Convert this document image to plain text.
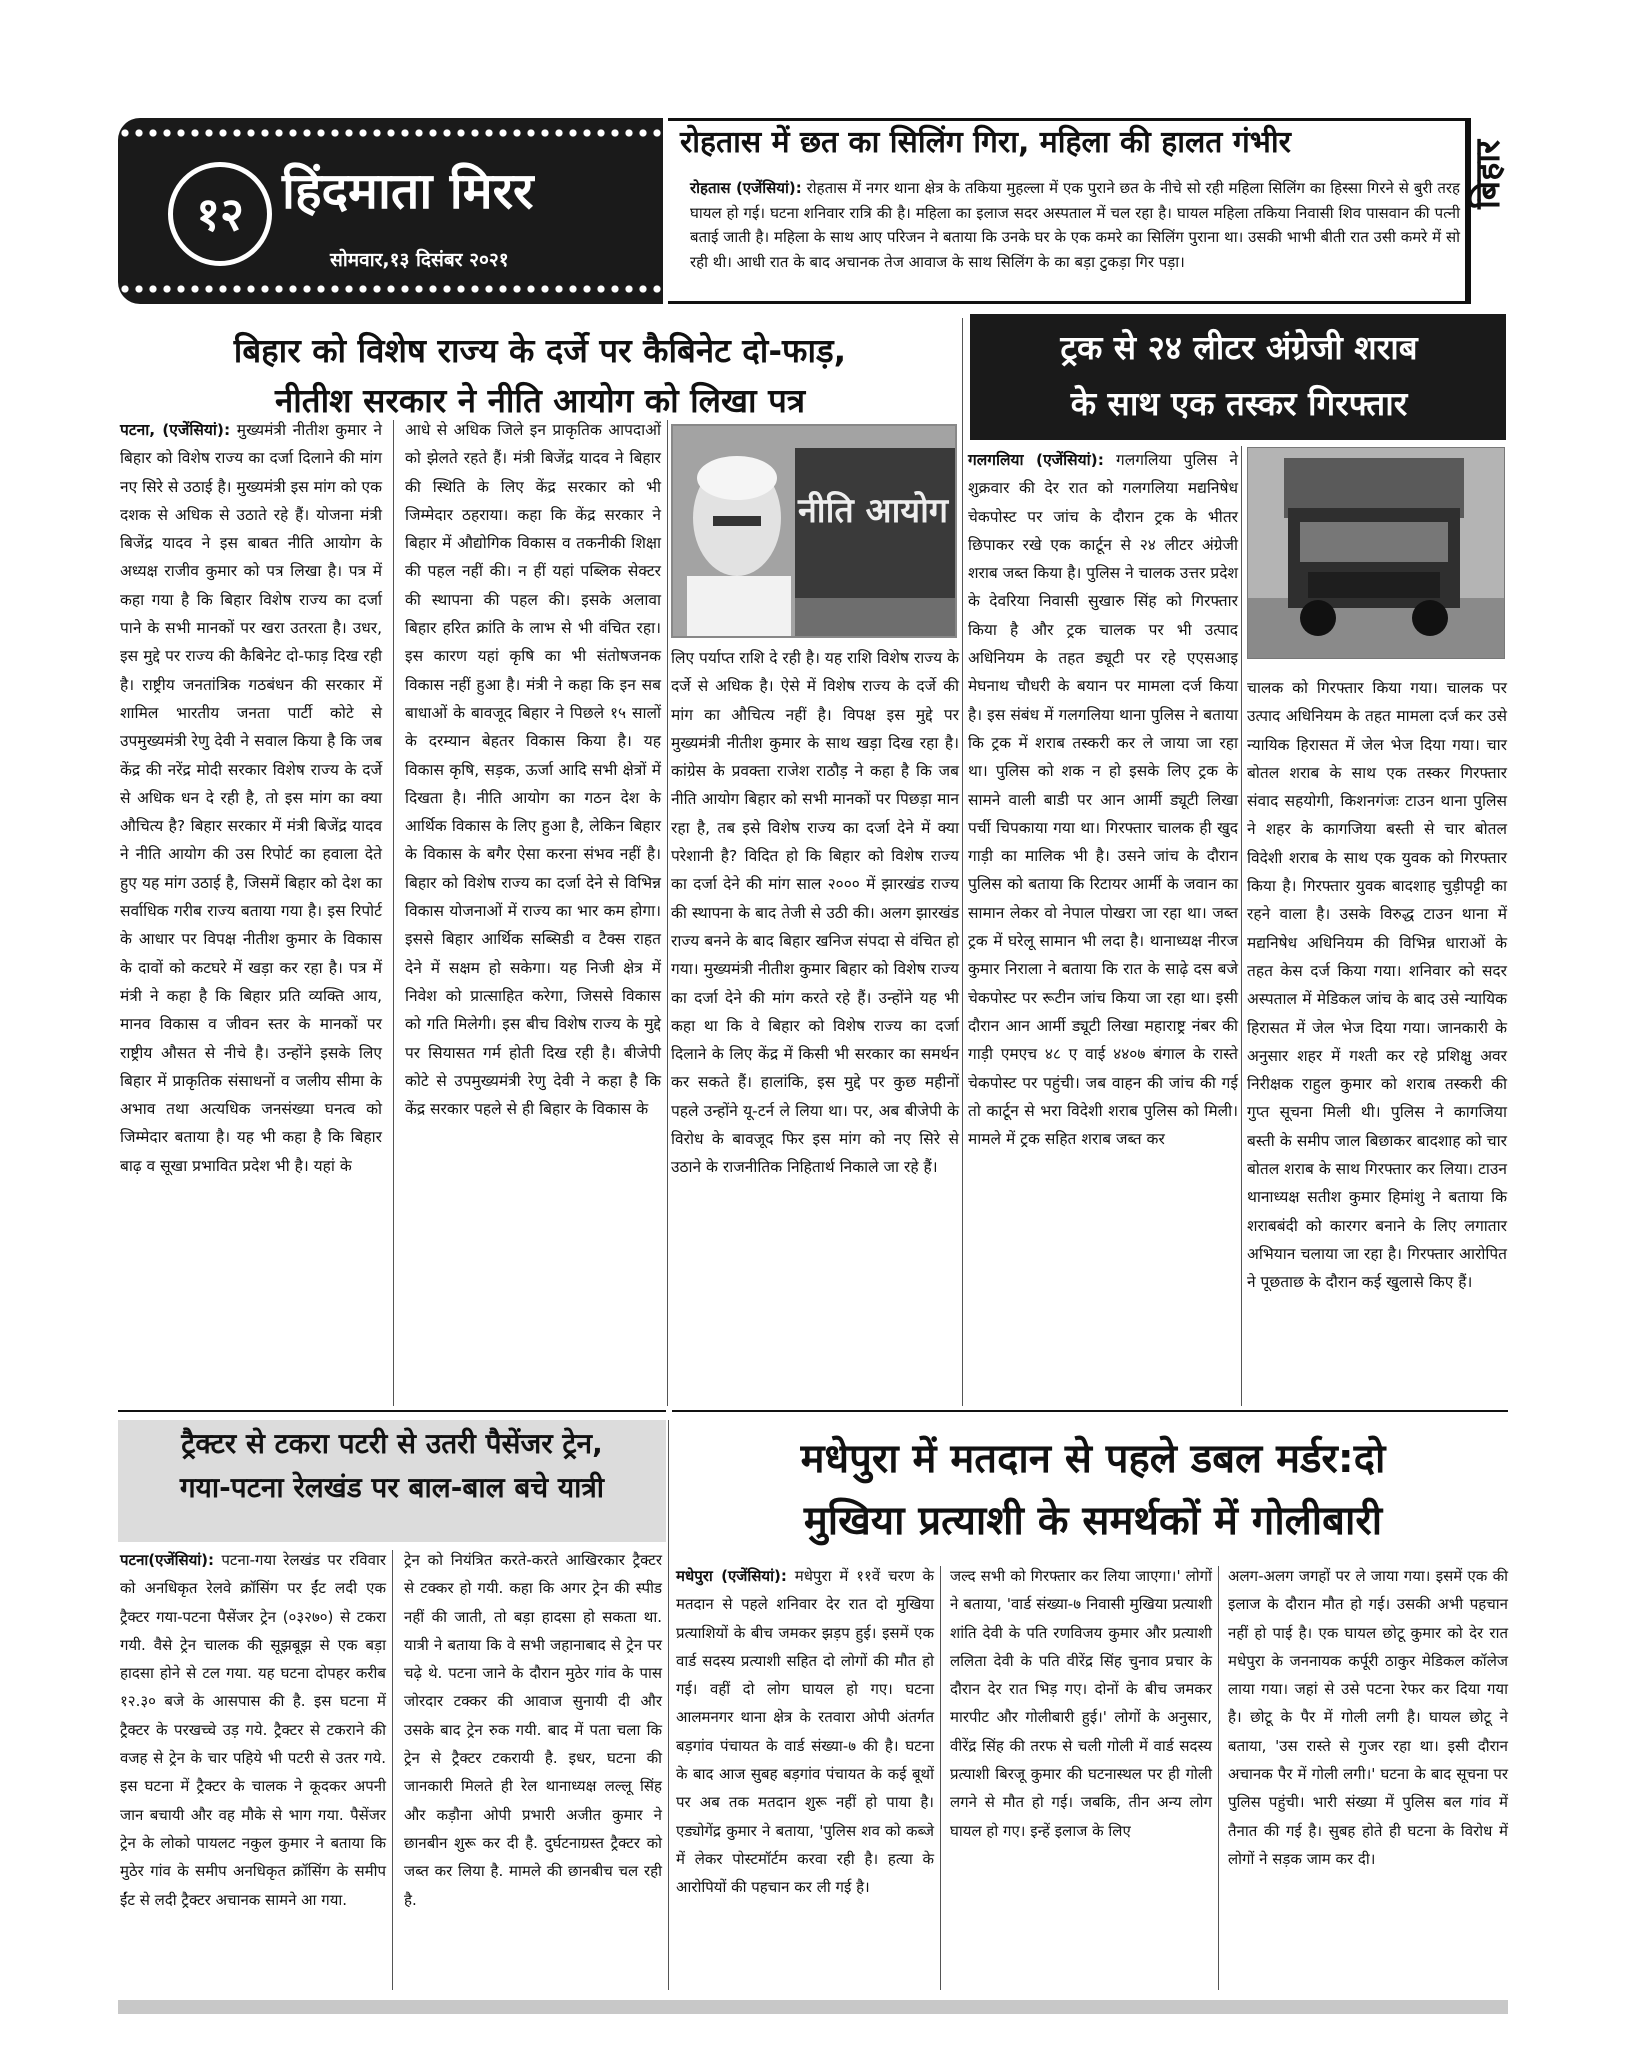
१२ हिंदमाता मिरर
सोमवार,१३ दिसंबर २०२१
बिहार
रोहतास में छत का सिलिंग गिरा, महिला की हालत गंभीर
रोहतास (एजेंसियां): रोहतास में नगर थाना क्षेत्र के तकिया मुहल्ला में एक पुराने छत के नीचे सो रही महिला सिलिंग का हिस्सा गिरने से बुरी तरह घायल हो गई। घटना शनिवार रात्रि की है। महिला का इलाज सदर अस्पताल में चल रहा है। घायल महिला तकिया निवासी शिव पासवान की पत्नी बताई जाती है। महिला के साथ आए परिजन ने बताया कि उनके घर के एक कमरे का सिलिंग पुराना था। उसकी भाभी बीती रात उसी कमरे में सो रही थी। आधी रात के बाद अचानक तेज आवाज के साथ सिलिंग के का बड़ा टुकड़ा गिर पड़ा।
बिहार को विशेष राज्य के दर्जे पर कैबिनेट दो-फाड़,
नीतीश सरकार ने नीति आयोग को लिखा पत्र
पटना, (एजेंसियां): मुख्यमंत्री नीतीश कुमार ने बिहार को विशेष राज्य का दर्जा दिलाने की मांग नए सिरे से उठाई है। मुख्‍यमंत्री इस मांग को एक दशक से अधिक से उठाते रहे हैं। योजना मंत्री बिजेंद्र यादव ने इस बाबत नीति आयोग के अध्यक्ष राजीव कुमार को पत्र लिखा है। पत्र में कहा गया है कि बिहार विशेष राज्य का दर्जा पाने के सभी मानकों पर खरा उतरता है। उधर, इस मुद्दे पर राज्य की कैबिनेट दो-फाड़ दिख रही है। राष्ट्रीय जनतांत्रिक गठबंधन की सरकार में शामिल भारतीय जनता पार्टी कोटे से उपमुख्यमंत्री रेणु देवी ने सवाल किया है कि जब केंद्र की नरेंद्र मोदी सरकार विशेष राज्य के दर्जे से अधिक धन दे रही है, तो इस मांग का क्या औचित्य है? बिहार सरकार में मंत्री बिजेंद्र यादव ने नीति आयोग की उस रिपोर्ट का हवाला देते हुए यह मांग उठाई है, जिसमें बिहार को देश का सर्वाधिक गरीब राज्य बताया गया है। इस रिपोर्ट के आधार पर विपक्ष नीतीश कुमार के विकास के दावों को कटघरे में खड़ा कर रहा है। पत्र में मंत्री ने कहा है कि बिहार प्रति व्यक्ति आय, मानव विकास व जीवन स्तर के मानकों पर राष्ट्रीय औसत से नीचे है। उन्होंने इसके लिए बिहार में प्राकृतिक संसाधनों व जलीय सीमा के अभाव तथा अत्‍यधिक जनसंख्या घनत्व को जिम्मेदार बताया है। यह भी कहा है कि बिहार बाढ़ व सूखा प्रभावित प्रदेश भी है। यहां के
आधे से अधिक जिले इन प्राकृतिक आपदाओं को झेलते रहते हैं। मंत्री बिजेंद्र यादव ने बिहार की स्थिति के लिए केंद्र सरकार को भी जिम्मेदार ठहराया। कहा कि केंद्र सरकार ने बिहार में औद्योगिक विकास व तकनीकी शिक्षा की पहल नहीं की। न हीं यहां पब्लिक सेक्‍टर की स्‍थापना की पहल की। इसके अलावा बिहार हरित क्रांति के लाभ से भी वंचित रहा। इस कारण यहां कृषि का भी संतोषजनक विकास नहीं हुआ है। मंत्री ने कहा कि इन सब बाधाओं के बावजूद बिहार ने पिछले १५ सालों के दरम्यान बेहतर विकास किया है। यह विकास कृषि, सड़क, ऊर्जा आदि सभी क्षेत्रों में दिखता है। नीति आयोग का गठन देश के आर्थिक विकास के लिए हुआ है, लेकिन बिहार के विकास के बगैर ऐसा करना संभव नहीं है। बिहार को विशेष राज्य का दर्जा देने से विभिन्न विकास योजनाओं में राज्य का भार कम होगा। इससे बिहार आर्थिक सब्सिडी व टैक्स राहत देने में सक्षम हो सकेगा। यह निजी क्षेत्र में निवेश को प्रात्साहित करेगा, जिससे विकास को गति मिलेगी। इस बीच विशेष राज्य के मुद्दे पर सियासत गर्म होती दिख रही है। बीजेपी कोटे से उपमुख्यमंत्री रेणु देवी ने कहा है कि केंद्र सरकार पहले से ही बिहार के विकास के
नीति आयोग
लिए पर्याप्‍त राशि दे रही है। यह राशि विशेष राज्य के दर्जे से अधिक है। ऐसे में विशेष राज्‍य के दर्जे की मांग का औचित्य नहीं है। विपक्ष इस मुद्दे पर मुख्यमंत्री नीतीश कुमार के साथ खड़ा दिख रहा है। कांग्रेस के प्रवक्‍ता राजेश राठौड़ ने कहा है कि जब नीति आयोग बिहार को सभी मानकों पर पिछड़ा मान रहा है, तब इसे विशेष राज्‍य का दर्जा देने में क्‍या परेशानी है? विदित हो कि बिहार को विशेष राज्‍य का दर्जा देने की मांग साल २००० में झारखंड राज्य की स्थापना के बाद तेजी से उठी की। अलग झारखंड राज्य बनने के बाद बिहार खनिज संपदा से वंचित हो गया। मुख्‍यमंत्री नीतीश कुमार बिहार को विशेष राज्‍य का दर्जा देने की मांग करते रहे हैं। उन्होंने यह भी कहा था कि वे बिहार को विशेष राज्य का दर्जा दिलाने के लिए केंद्र में किसी भी सरकार का समर्थन कर सकते हैं। हालांकि, इस मुद्दे पर कुछ महीनों पहले उन्होंने यू-टर्न ले लिया था। पर, अब बीजेपी के विरोध के बावजूद फिर इस मांग को नए सिरे से उठाने के राजनीतिक निहितार्थ निकाले जा रहे हैं।
ट्रक से २४ लीटर अंग्रेजी शराब
के साथ एक तस्कर गिरफ्तार
गलगलिया (एजेंसियां): गलगलिया पुलिस ने शुक्रवार की देर रात को गलगलिया मद्यनिषेध चेकपोस्ट पर जांच के दौरान ट्रक के भीतर छिपाकर रखे एक कार्टून से २४ लीटर अंग्रेजी शराब जब्त किया है। पुलिस ने चालक उत्तर प्रदेश के देवरिया निवासी सुखारु सिंह को गिरफ्तार किया है और ट्रक चालक पर भी उत्पाद अधिनियम के तहत ड्यूटी पर रहे एएसआइ मेघनाथ चौधरी के बयान पर मामला दर्ज किया है। इस संबंध में गलगलिया थाना पुलिस ने बताया कि ट्रक में शराब तस्करी कर ले जाया जा रहा था। पुलिस को शक न हो इसके लिए ट्रक के सामने वाली बाडी पर आन आर्मी ड्यूटी लिखा पर्ची चिपकाया गया था। गिरफ्तार चालक ही खुद गाड़ी का मालिक भी है। उसने जांच के दौरान पुलिस को बताया कि रिटायर आर्मी के जवान का सामान लेकर वो नेपाल पोखरा जा रहा था। जब्त ट्रक में घरेलू सामान भी लदा है। थानाध्यक्ष नीरज कुमार निराला ने बताया कि रात के साढ़े दस बजे चेकपोस्ट पर रूटीन जांच किया जा रहा था। इसी दौरान आन आर्मी ड्यूटी लिखा महाराष्ट्र नंबर की गाड़ी एमएच ४८ ए वाई ४४०७ बंगाल के रास्ते चेकपोस्ट पर पहुंची। जब वाहन की जांच की गई तो कार्टून से भरा विदेशी शराब पुलिस को मिली। मामले में ट्रक सहित शराब जब्त कर
चालक को गिरफ्तार किया गया। चालक पर उत्पाद अधिनियम के तहत मामला दर्ज कर उसे न्यायिक हिरासत में जेल भेज दिया गया। चार बोतल शराब के साथ एक तस्कर गिरफ्तार संवाद सहयोगी, किशनगंजः टाउन थाना पुलिस ने शहर के कागजिया बस्ती से चार बोतल विदेशी शराब के साथ एक युवक को गिरफ्तार किया है। गिरफ्तार युवक बादशाह चुड़ीपट्टी का रहने वाला है। उसके विरुद्ध टाउन थाना में मद्यनिषेध अधिनियम की विभिन्न धाराओं के तहत केस दर्ज किया गया। शनिवार को सदर अस्पताल में मेडिकल जांच के बाद उसे न्यायिक हिरासत में जेल भेज दिया गया। जानकारी के अनुसार शहर में गश्ती कर रहे प्रशिक्षु अवर निरीक्षक राहुल कुमार को शराब तस्करी की गुप्त सूचना मिली थी। पुलिस ने कागजिया बस्ती के समीप जाल बिछाकर बादशाह को चार बोतल शराब के साथ गिरफ्तार कर लिया। टाउन थानाध्यक्ष सतीश कुमार हिमांशु ने बताया कि शराबबंदी को कारगर बनाने के लिए लगातार अभियान चलाया जा रहा है। गिरफ्तार आरोपित ने पूछताछ के दौरान कई खुलासे किए हैं।
ट्रैक्टर से टकरा पटरी से उतरी पैसेंजर ट्रेन,
गया-पटना रेलखंड पर बाल-बाल बचे यात्री
पटना(एजेंसियां): पटना-गया रेलखंड पर रविवार को अनधिकृत रेलवे क्रॉसिंग पर ईंट लदी एक ट्रैक्टर गया-पटना पैसेंजर ट्रेन (०३२७०) से टकरा गयी. वैसे ट्रेन चालक की सूझबूझ से एक बड़ा हादसा होने से टल गया. यह घटना दोपहर करीब १२.३० बजे के आसपास की है. इस घटना में ट्रैक्टर के परखच्चे उड़ गये. ट्रैक्टर से टकराने की वजह से ट्रेन के चार पहिये भी पटरी से उतर गये. इस घटना में ट्रैक्टर के चालक ने कूदकर अपनी जान बचायी और वह मौके से भाग गया. पैसेंजर ट्रेन के लोको पायलट नकुल कुमार ने बताया कि मुठेर गांव के समीप अनधिकृत क्रॉसिंग के समीप ईंट से लदी ट्रैक्टर अचानक सामने आ गया.
ट्रेन को नियंत्रित करते-करते आखिरकार ट्रैक्टर से टक्कर हो गयी. कहा कि अगर ट्रेन की स्पीड नहीं की जाती, तो बड़ा हादसा हो सकता था. यात्री ने बताया कि वे सभी जहानाबाद से ट्रेन पर चढ़े थे. पटना जाने के दौरान मुठेर गांव के पास जोरदार टक्कर की आवाज सुनायी दी और उसके बाद ट्रेन रुक गयी. बाद में पता चला कि ट्रेन से ट्रैक्टर टकरायी है. इधर, घटना की जानकारी मिलते ही रेल थानाध्यक्ष लल्लू सिंह और कड़ौना ओपी प्रभारी अजीत कुमार ने छानबीन शुरू कर दी है. दुर्घटनाग्रस्त ट्रैक्टर को जब्त कर लिया है. मामले की छानबीच चल रही है.
मधेपुरा में मतदान से पहले डबल मर्डर:दो
मुखिया प्रत्याशी के समर्थकों में गोलीबारी
मधेपुरा (एजेंसियां): मधेपुरा में ११वें चरण के मतदान से पहले शनिवार देर रात दो मुखिया प्रत्याशियों के बीच जमकर झड़प हुई। इसमें एक वार्ड सदस्य प्रत्याशी सहित दो लोगों की मौत हो गई। वहीं दो लोग घायल हो गए। घटना आलमनगर थाना क्षेत्र के रतवारा ओपी अंतर्गत बड़गांव पंचायत के वार्ड संख्या-७ की है। घटना के बाद आज सुबह बड़गांव पंचायत के कई बूथों पर अब तक मतदान शुरू नहीं हो पाया है। एड्योगेंद्र कुमार ने बताया, 'पुलिस शव को कब्जे में लेकर पोस्टमॉर्टम करवा रही है। हत्या के आरोपियों की पहचान कर ली गई है।
जल्द सभी को गिरफ्तार कर लिया जाएगा।' लोगों ने बताया, 'वार्ड संख्या-७ निवासी मुखिया प्रत्याशी शांति देवी के पति रणविजय कुमार और प्रत्याशी ललिता देवी के पति वीरेंद्र सिंह चुनाव प्रचार के दौरान देर रात भिड़ गए। दोनों के बीच जमकर मारपीट और गोलीबारी हुई।' लोगों के अनुसार, वीरेंद्र सिंह की तरफ से चली गोली में वार्ड सदस्य प्रत्याशी बिरजू कुमार की घटनास्थल पर ही गोली लगने से मौत हो गई। जबकि, तीन अन्य लोग घायल हो गए। इन्हें इलाज के लिए
अलग-अलग जगहों पर ले जाया गया। इसमें एक की इलाज के दौरान मौत हो गई। उसकी अभी पहचान नहीं हो पाई है। एक घायल छोटू कुमार को देर रात मधेपुरा के जननायक कर्पूरी ठाकुर मेडिकल कॉलेज लाया गया। जहां से उसे पटना रेफर कर दिया गया है। छोटू के पैर में गोली लगी है। घायल छोटू ने बताया, 'उस रास्ते से गुजर रहा था। इसी दौरान अचानक पैर में गोली लगी।' घटना के बाद सूचना पर पुलिस पहुंची। भारी संख्या में पुलिस बल गांव में तैनात की गई है। सुबह होते ही घटना के विरोध में लोगों ने सड़क जाम कर दी।
